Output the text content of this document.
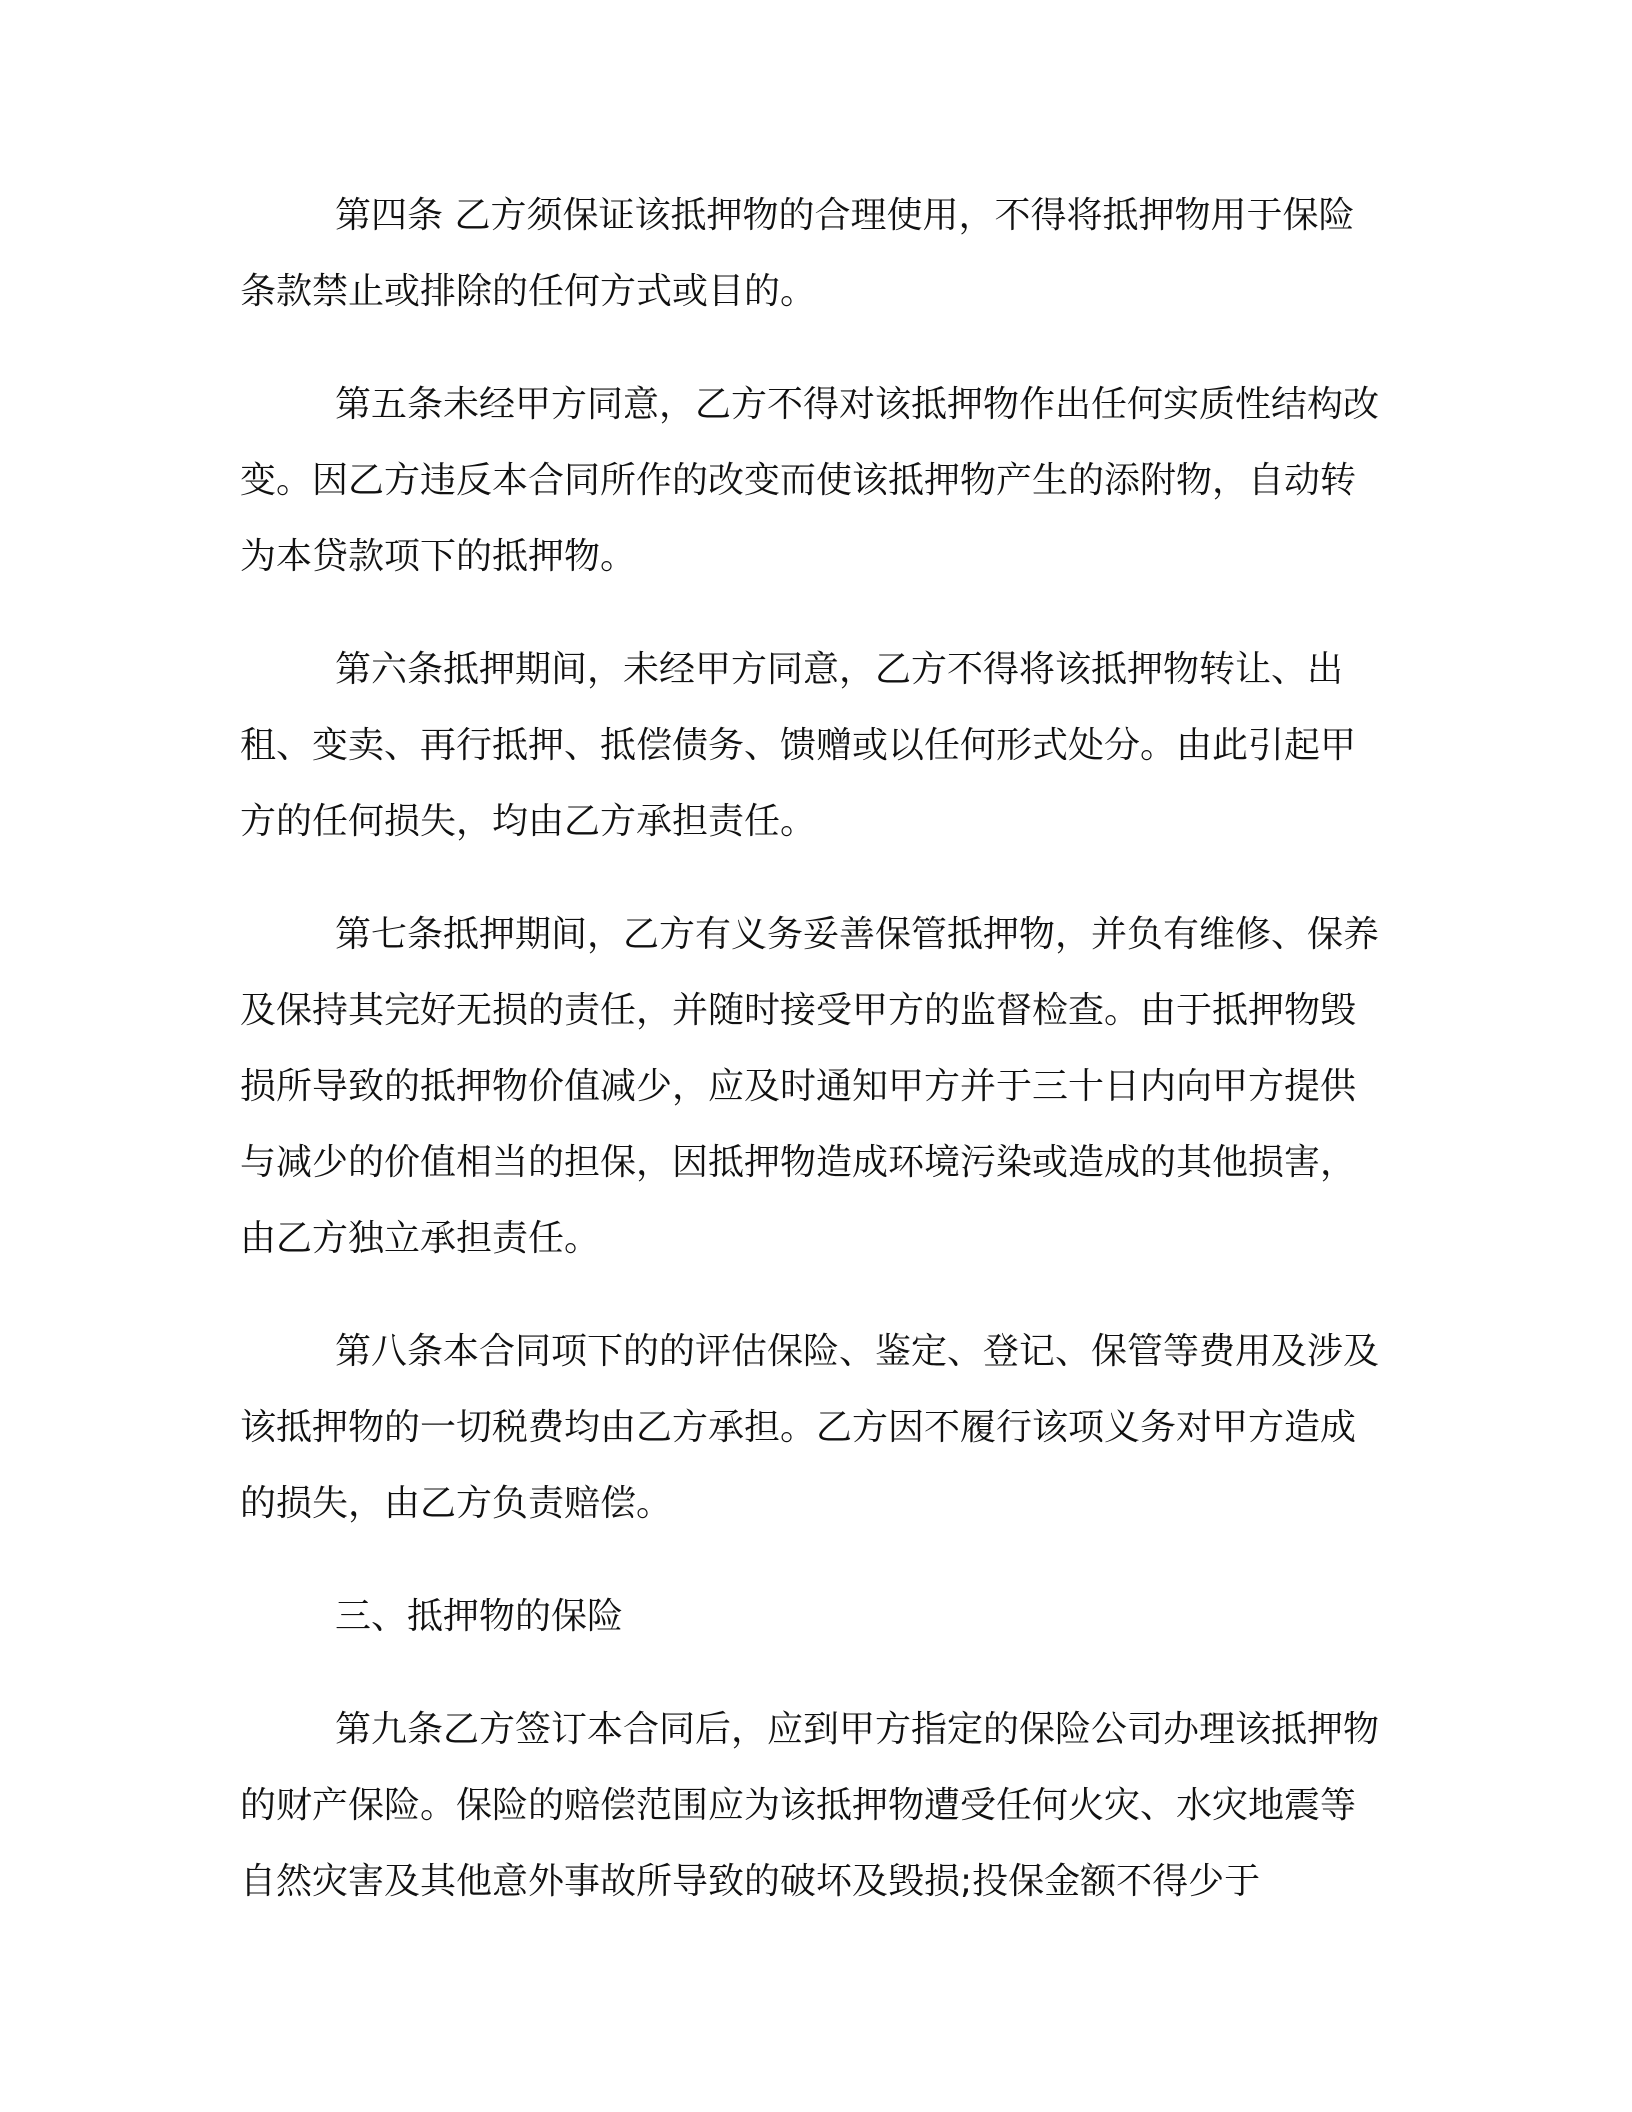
第四条 乙方须保证该抵押物的合理使用，不得将抵押物用于保险条款禁止或排除的任何方式或目的。

第五条未经甲方同意，乙方不得对该抵押物作出任何实质性结构改变。因乙方违反本合同所作的改变而使该抵押物产生的添附物，自动转为本贷款项下的抵押物。

第六条抵押期间，未经甲方同意，乙方不得将该抵押物转让、出租、变卖、再行抵押、抵偿债务、馈赠或以任何形式处分。由此引起甲方的任何损失，均由乙方承担责任。

第七条抵押期间，乙方有义务妥善保管抵押物，并负有维修、保养及保持其完好无损的责任，并随时接受甲方的监督检查。由于抵押物毁损所导致的抵押物价值减少，应及时通知甲方并于三十日内向甲方提供与减少的价值相当的担保，因抵押物造成环境污染或造成的其他损害，由乙方独立承担责任。

第八条本合同项下的的评估保险、鉴定、登记、保管等费用及涉及该抵押物的一切税费均由乙方承担。乙方因不履行该项义务对甲方造成的损失，由乙方负责赔偿。

三、抵押物的保险

第九条乙方签订本合同后，应到甲方指定的保险公司办理该抵押物的财产保险。保险的赔偿范围应为该抵押物遭受任何火灾、水灾地震等自然灾害及其他意外事故所导致的破坏及毁损;投保金额不得少于
